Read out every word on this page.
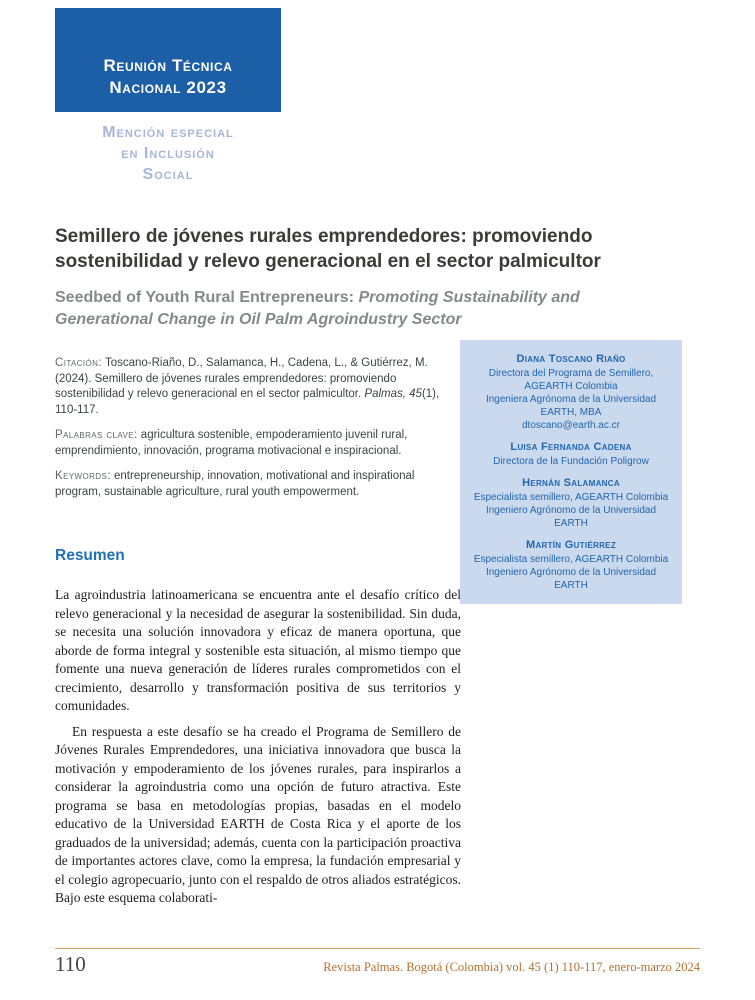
Reunión Técnica
Nacional 2023
Mención especial
en Inclusión
Social
Semillero de jóvenes rurales emprendedores: promoviendo sostenibilidad y relevo generacional en el sector palmicultor
Seedbed of Youth Rural Entrepreneurs: Promoting Sustainability and Generational Change in Oil Palm Agroindustry Sector

Citación: Toscano-Riaño, D., Salamanca, H., Cadena, L., & Gutiérrez, M. (2024). Semillero de jóvenes rurales emprendedores: promoviendo sostenibilidad y relevo generacional en el sector palmicultor. Palmas, 45(1), 110-117.

Palabras clave: agricultura sostenible, empoderamiento juvenil rural, emprendimiento, innovación, programa motivacional e inspiracional.

Keywords: entrepreneurship, innovation, motivational and inspirational program, sustainable agriculture, rural youth empowerment.

Diana Toscano Riaño
Directora del Programa de Semillero, AGEARTH Colombia
Ingeniera Agrónoma de la Universidad EARTH, MBA
dtoscano@earth.ac.cr
Luisa Fernanda Cadena
Directora de la Fundación Poligrow
Hernán Salamanca
Especialista semillero, AGEARTH Colombia
Ingeniero Agrónomo de la Universidad EARTH
Martín Gutiérrez
Especialista semillero, AGEARTH Colombia
Ingeniero Agrónomo de la Universidad EARTH
Resumen

La agroindustria latinoamericana se encuentra ante el desafío crítico del relevo generacional y la necesidad de asegurar la sostenibilidad. Sin duda, se necesita una solución innovadora y eficaz de manera oportuna, que aborde de forma integral y sostenible esta situación, al mismo tiempo que fomente una nueva generación de líderes rurales comprometidos con el crecimiento, desarrollo y transformación positiva de sus territorios y comunidades.

En respuesta a este desafío se ha creado el Programa de Semillero de Jóvenes Rurales Emprendedores, una iniciativa innovadora que busca la motivación y empoderamiento de los jóvenes rurales, para inspirarlos a considerar la agroindustria como una opción de futuro atractiva. Este programa se basa en metodologías propias, basadas en el modelo educativo de la Universidad EARTH de Costa Rica y el aporte de los graduados de la universidad; además, cuenta con la participación proactiva de importantes actores clave, como la empresa, la fundación empresarial y el colegio agropecuario, junto con el respaldo de otros aliados estratégicos. Bajo este esquema colaborati-

110	Revista Palmas. Bogotá (Colombia) vol. 45 (1) 110-117, enero-marzo 2024
